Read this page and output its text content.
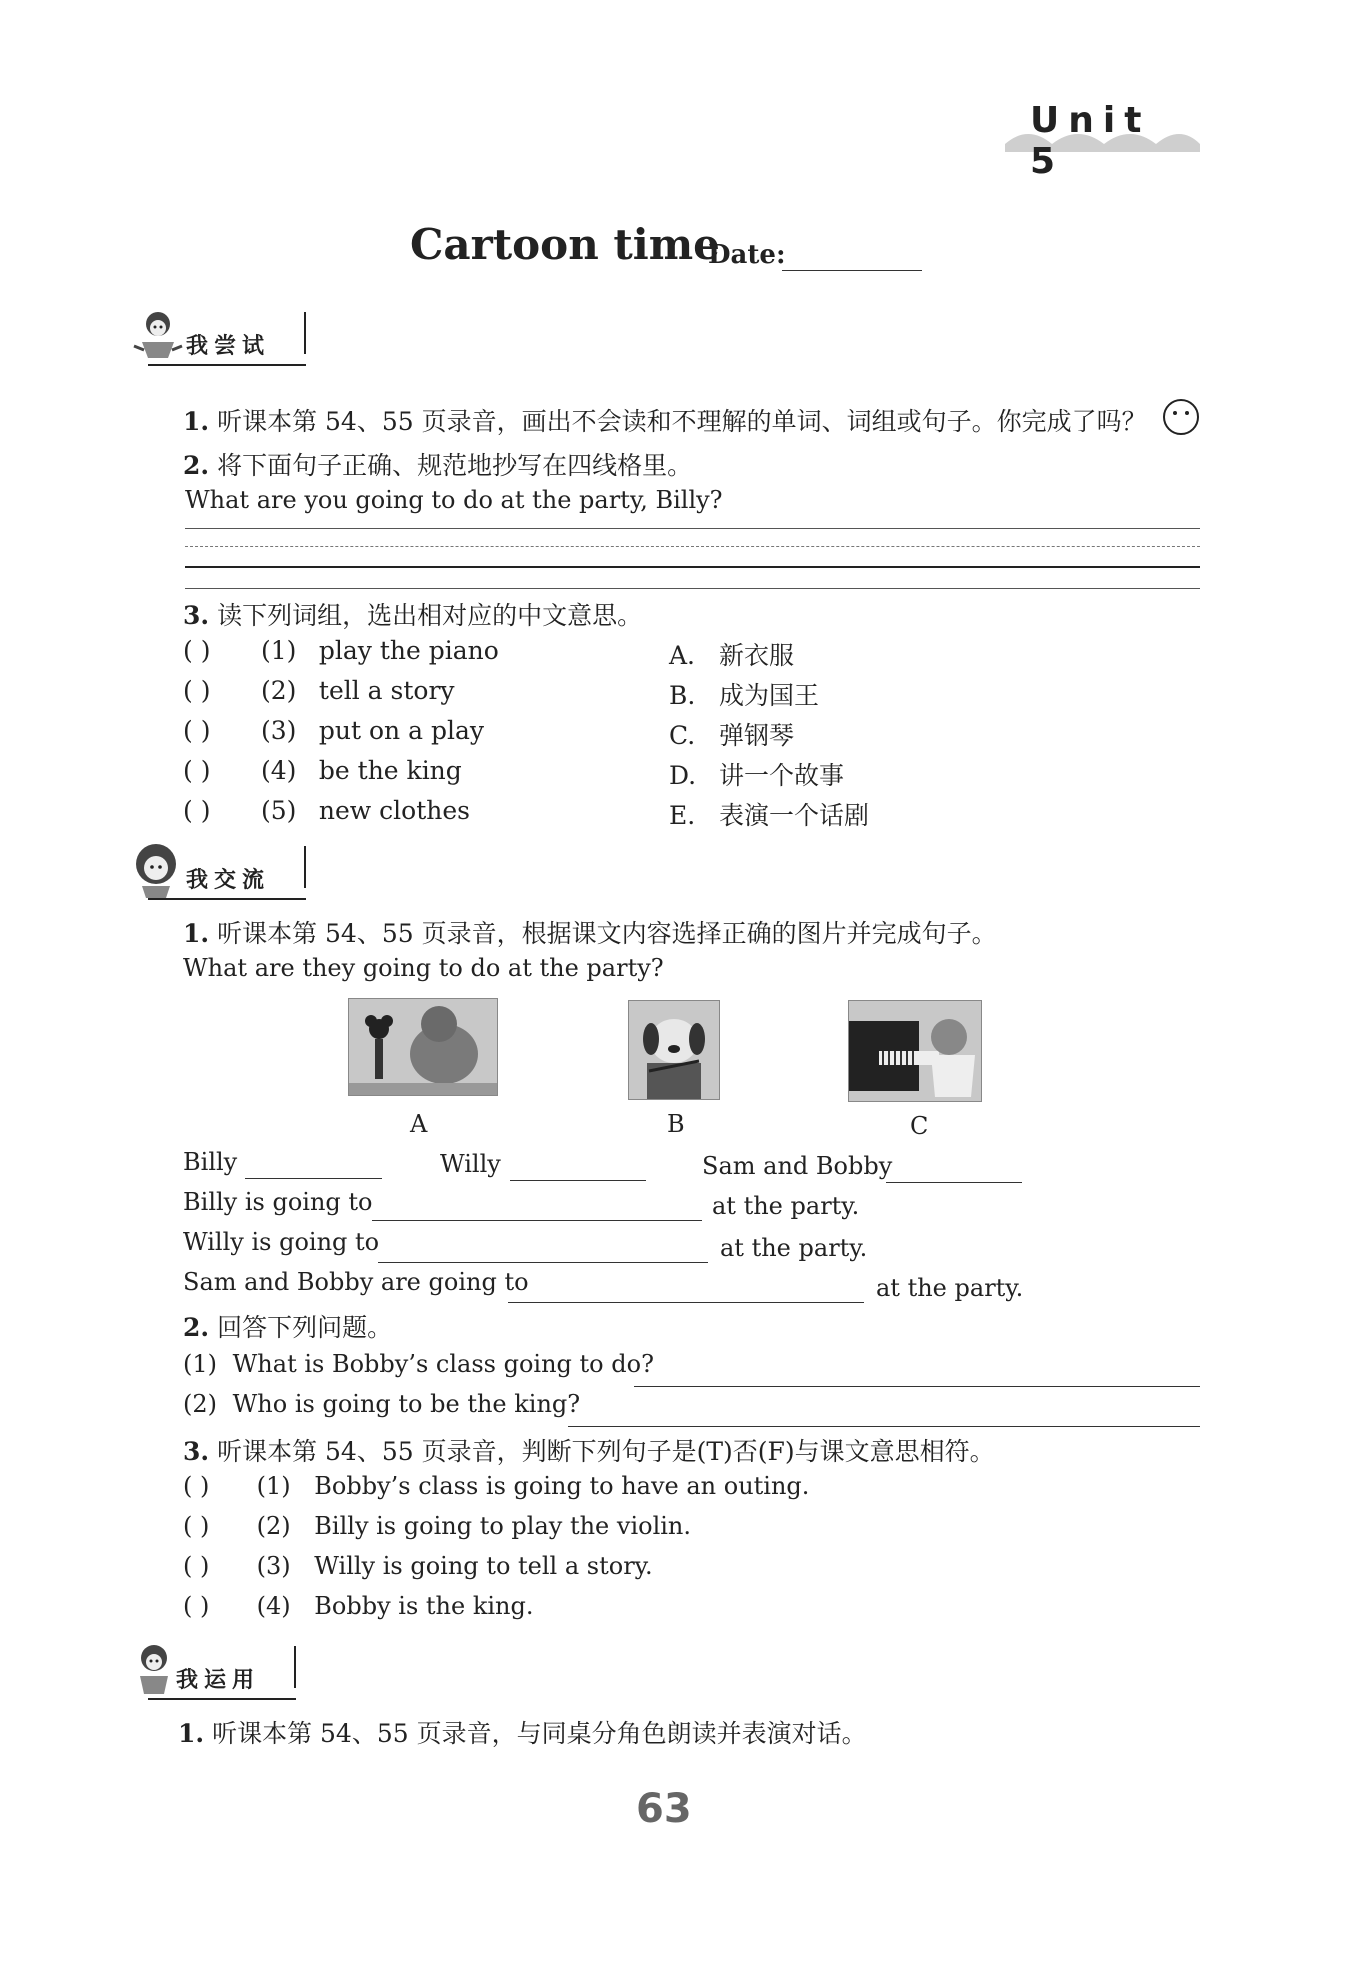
Unit 5
Cartoon time
Date:
我尝试
1. 听课本第 54、55 页录音，画出不会读和不理解的单词、词组或句子。你完成了吗？
2. 将下面句子正确、规范地抄写在四线格里。
What are you going to do at the party, Billy?
3. 读下列词组，选出相对应的中文意思。
( ) (1) play the piano	A. 新衣服
( ) (2) tell a story	B. 成为国王
( ) (3) put on a play	C. 弹钢琴
( ) (4) be the king	D. 讲一个故事
( ) (5) new clothes	E. 表演一个话剧
我交流
1. 听课本第 54、55 页录音，根据课文内容选择正确的图片并完成句子。
What are they going to do at the party?
A	B	C
Billy	Willy	Sam and Bobby
Billy is going to	at the party.
Willy is going to	at the party.
Sam and Bobby are going to	at the party.
2. 回答下列问题。
(1) What is Bobby’s class going to do?
(2) Who is going to be the king?
3. 听课本第 54、55 页录音，判断下列句子是(T)否(F)与课文意思相符。
( ) (1) Bobby’s class is going to have an outing.
( ) (2) Billy is going to play the violin.
( ) (3) Willy is going to tell a story.
( ) (4) Bobby is the king.
我运用
1. 听课本第 54、55 页录音，与同桌分角色朗读并表演对话。
63
